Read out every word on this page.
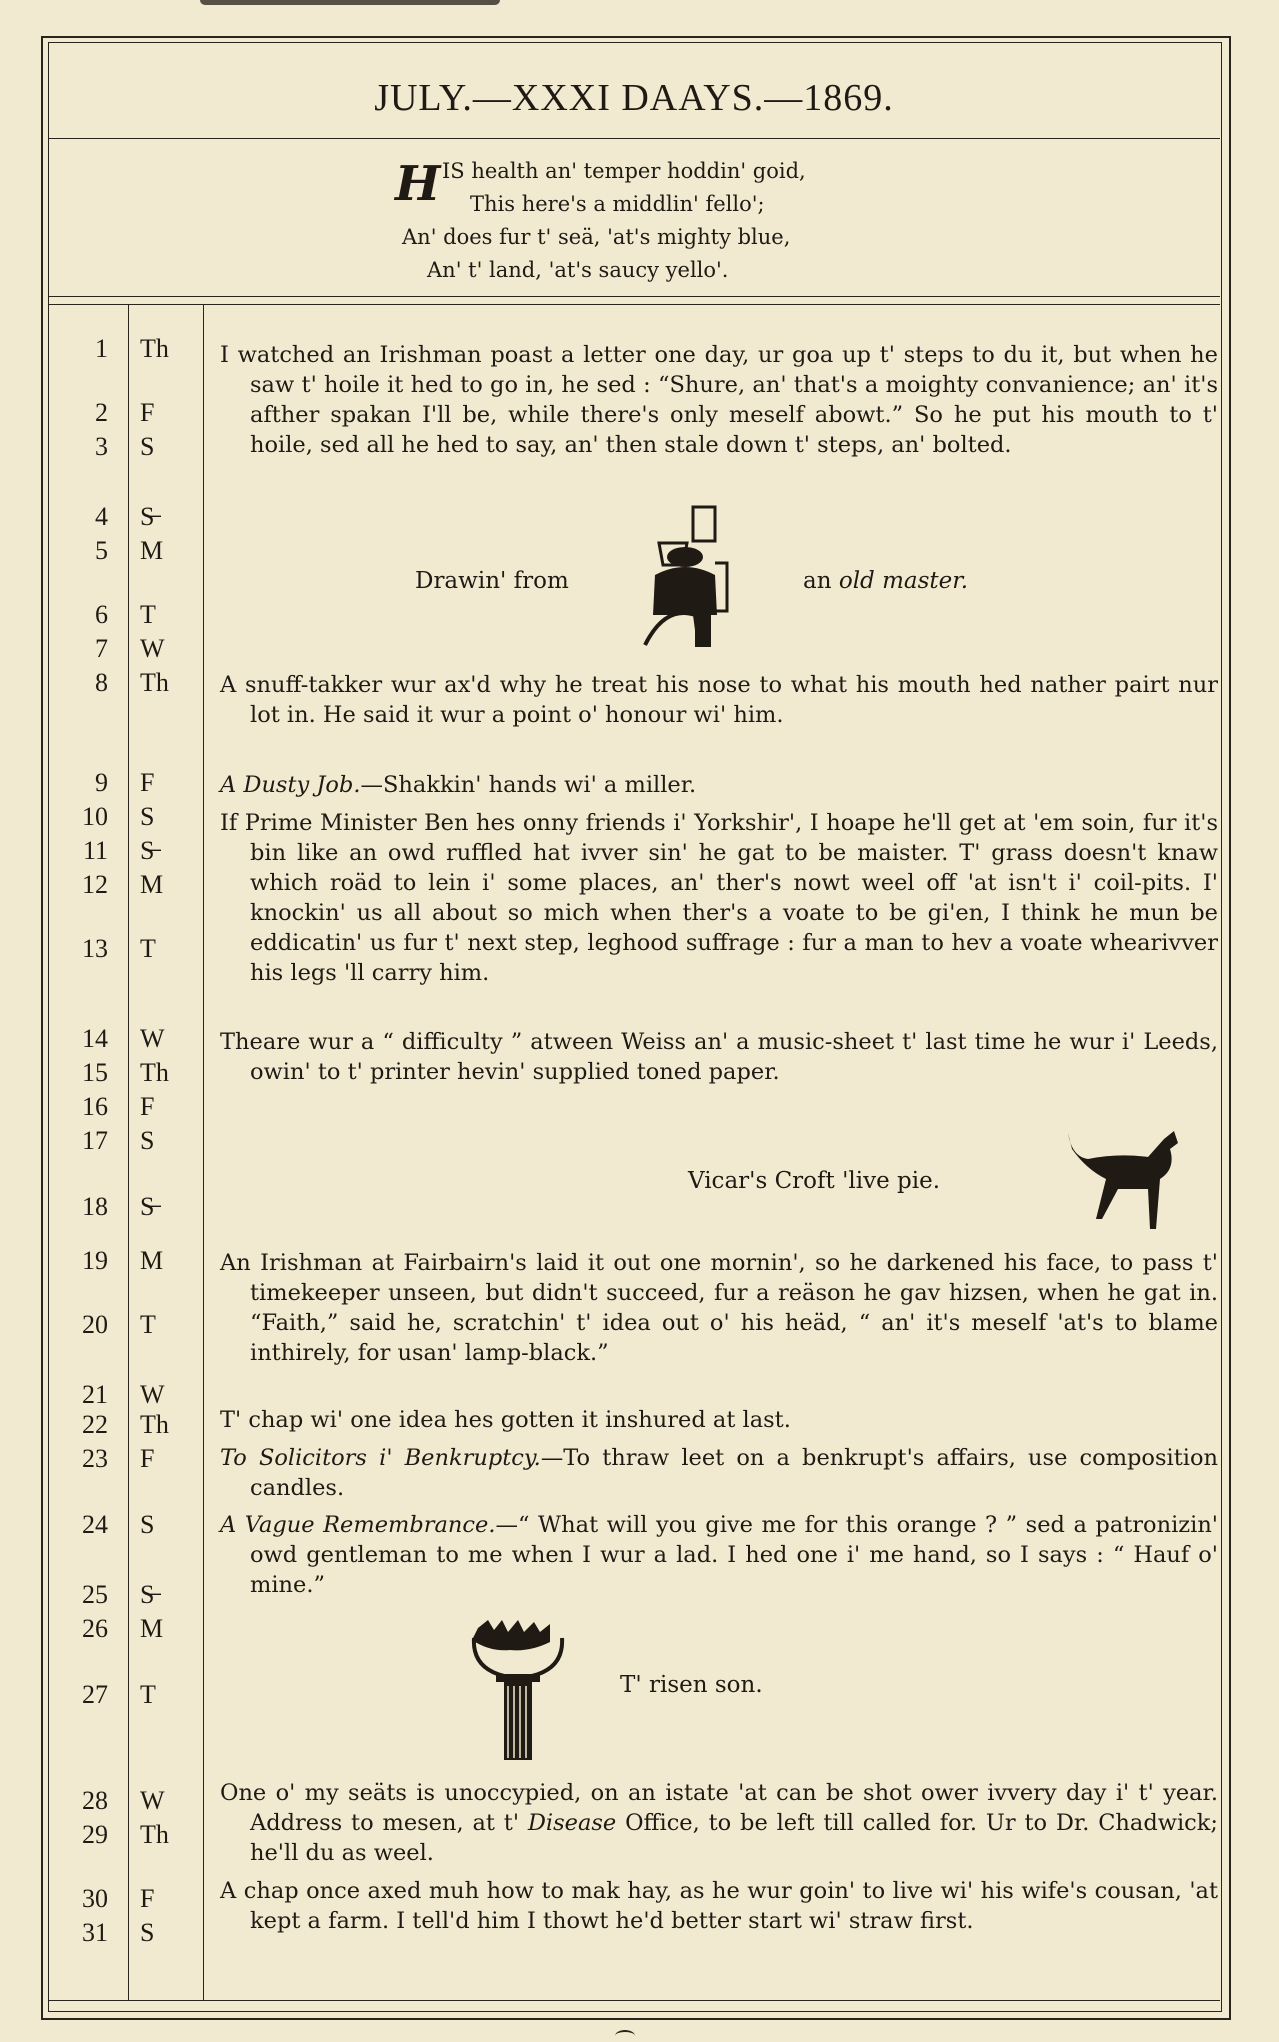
JULY.—XXXI DAAYS.—1869.
H IS health an' temper hoddin' goid,
This here's a middlin' fello';
An' does fur t' seä, 'at's mighty blue,
An' t' land, 'at's saucy yello'.
1 Th
2 F
3 S
4 S̶
5 M
6 T
7 W
8 Th
9 F
10 S
11 S̶
12 M
13 T
14 W
15 Th
16 F
17 S
18 S̶
19 M
20 T
21 W
22 Th
23 F
24 S
25 S̶
26 M
27 T
28 W
29 Th
30 F
31 S
I watched an Irishman poast a letter one day, ur goa up t' steps to du it, but when he saw t' hoile it hed to go in, he sed : “Shure, an' that's a moighty convanience; an' it's afther spakan I'll be, while there's only meself abowt.” So he put his mouth to t' hoile, sed all he hed to say, an' then stale down t' steps, an' bolted.
Drawin' from	an old master.
A snuff-takker wur ax'd why he treat his nose to what his mouth hed nather pairt nur lot in. He said it wur a point o' honour wi' him.
A Dusty Job.—Shakkin' hands wi' a miller.
If Prime Minister Ben hes onny friends i' Yorkshir', I hoape he'll get at 'em soin, fur it's bin like an owd ruffled hat ivver sin' he gat to be maister. T' grass doesn't knaw which roäd to lein i' some places, an' ther's nowt weel off 'at isn't i' coil-pits. I' knockin' us all about so mich when ther's a voate to be gi'en, I think he mun be eddicatin' us fur t' next step, leghood suffrage : fur a man to hev a voate whearivver his legs 'll carry him.
Theare wur a “ difficulty ” atween Weiss an' a music-sheet t' last time he wur i' Leeds, owin' to t' printer hevin' supplied toned paper.
Vicar's Croft 'live pie.
An Irishman at Fairbairn's laid it out one mornin', so he darkened his face, to pass t' timekeeper unseen, but didn't succeed, fur a reäson he gav hizsen, when he gat in. “Faith,” said he, scratchin' t' idea out o' his heäd, “ an' it's meself 'at's to blame inthirely, for usan' lamp-black.”
T' chap wi' one idea hes gotten it inshured at last.
To Solicitors i' Benkruptcy.—To thraw leet on a benkrupt's affairs, use composition candles.
A Vague Remembrance.—“ What will you give me for this orange ? ” sed a patronizin' owd gentleman to me when I wur a lad. I hed one i' me hand, so I says : “ Hauf o' mine.”
T' risen son.
One o' my seäts is unoccypied, on an istate 'at can be shot ower ivvery day i' t' year. Address to mesen, at t' Disease Office, to be left till called for. Ur to Dr. Chadwick; he'll du as weel.
A chap once axed muh how to mak hay, as he wur goin' to live wi' his wife's cousan, 'at kept a farm. I tell'd him I thowt he'd better start wi' straw first.
